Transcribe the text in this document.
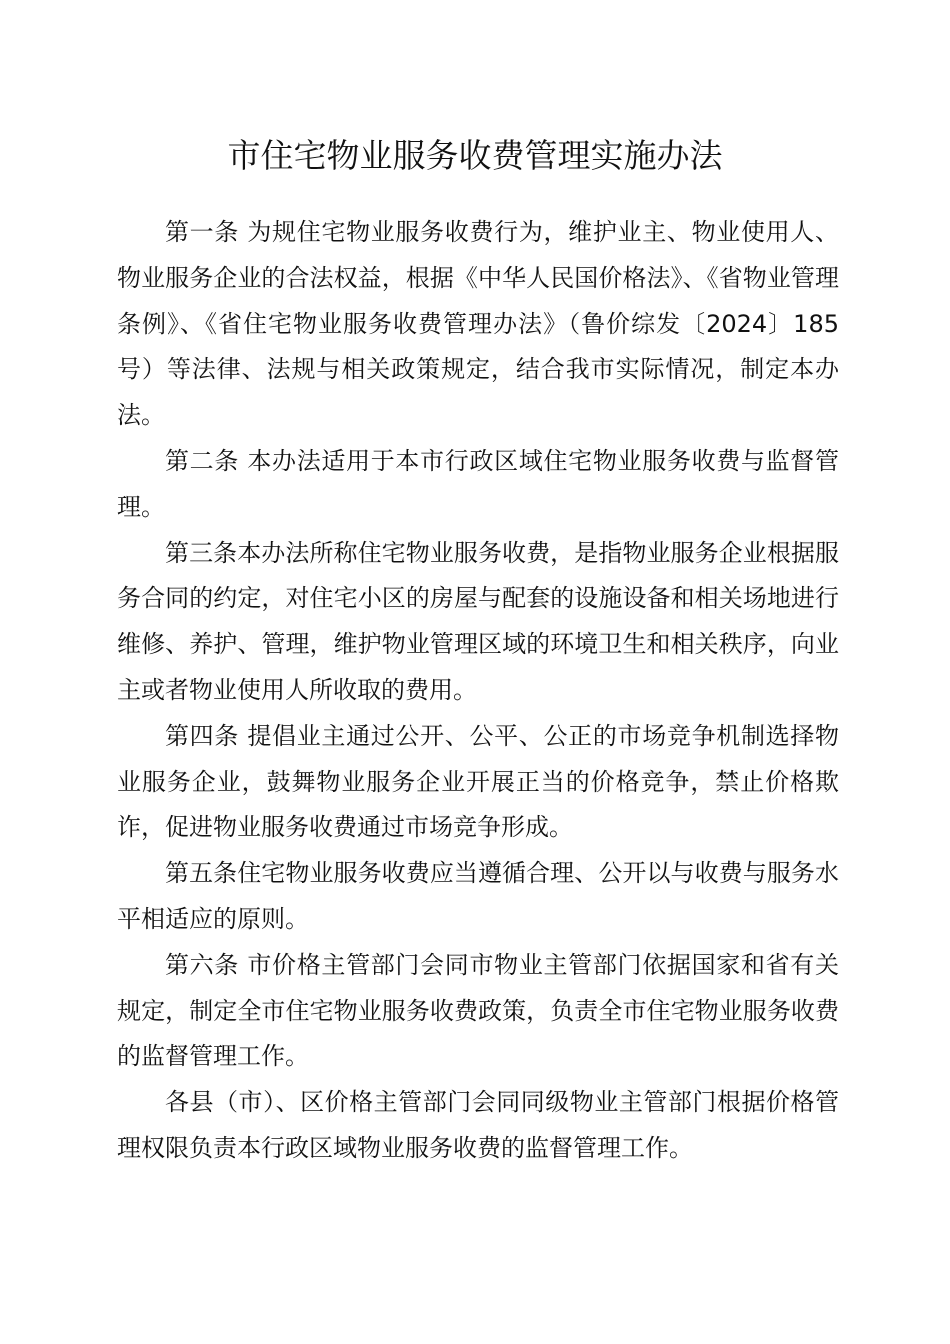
市住宅物业服务收费管理实施办法

第一条 为规住宅物业服务收费行为，维护业主、物业使用人、物业服务企业的合法权益，根据《中华人民国价格法》、《省物业管理条例》、《省住宅物业服务收费管理办法》（鲁价综发〔2024〕185号）等法律、法规与相关政策规定，结合我市实际情况，制定本办法。

第二条 本办法适用于本市行政区域住宅物业服务收费与监督管理。

第三条本办法所称住宅物业服务收费，是指物业服务企业根据服务合同的约定，对住宅小区的房屋与配套的设施设备和相关场地进行维修、养护、管理，维护物业管理区域的环境卫生和相关秩序，向业主或者物业使用人所收取的费用。

第四条 提倡业主通过公开、公平、公正的市场竞争机制选择物业服务企业，鼓舞物业服务企业开展正当的价格竞争，禁止价格欺诈，促进物业服务收费通过市场竞争形成。

第五条住宅物业服务收费应当遵循合理、公开以与收费与服务水平相适应的原则。

第六条 市价格主管部门会同市物业主管部门依据国家和省有关规定，制定全市住宅物业服务收费政策，负责全市住宅物业服务收费的监督管理工作。

各县（市）、区价格主管部门会同同级物业主管部门根据价格管理权限负责本行政区域物业服务收费的监督管理工作。
